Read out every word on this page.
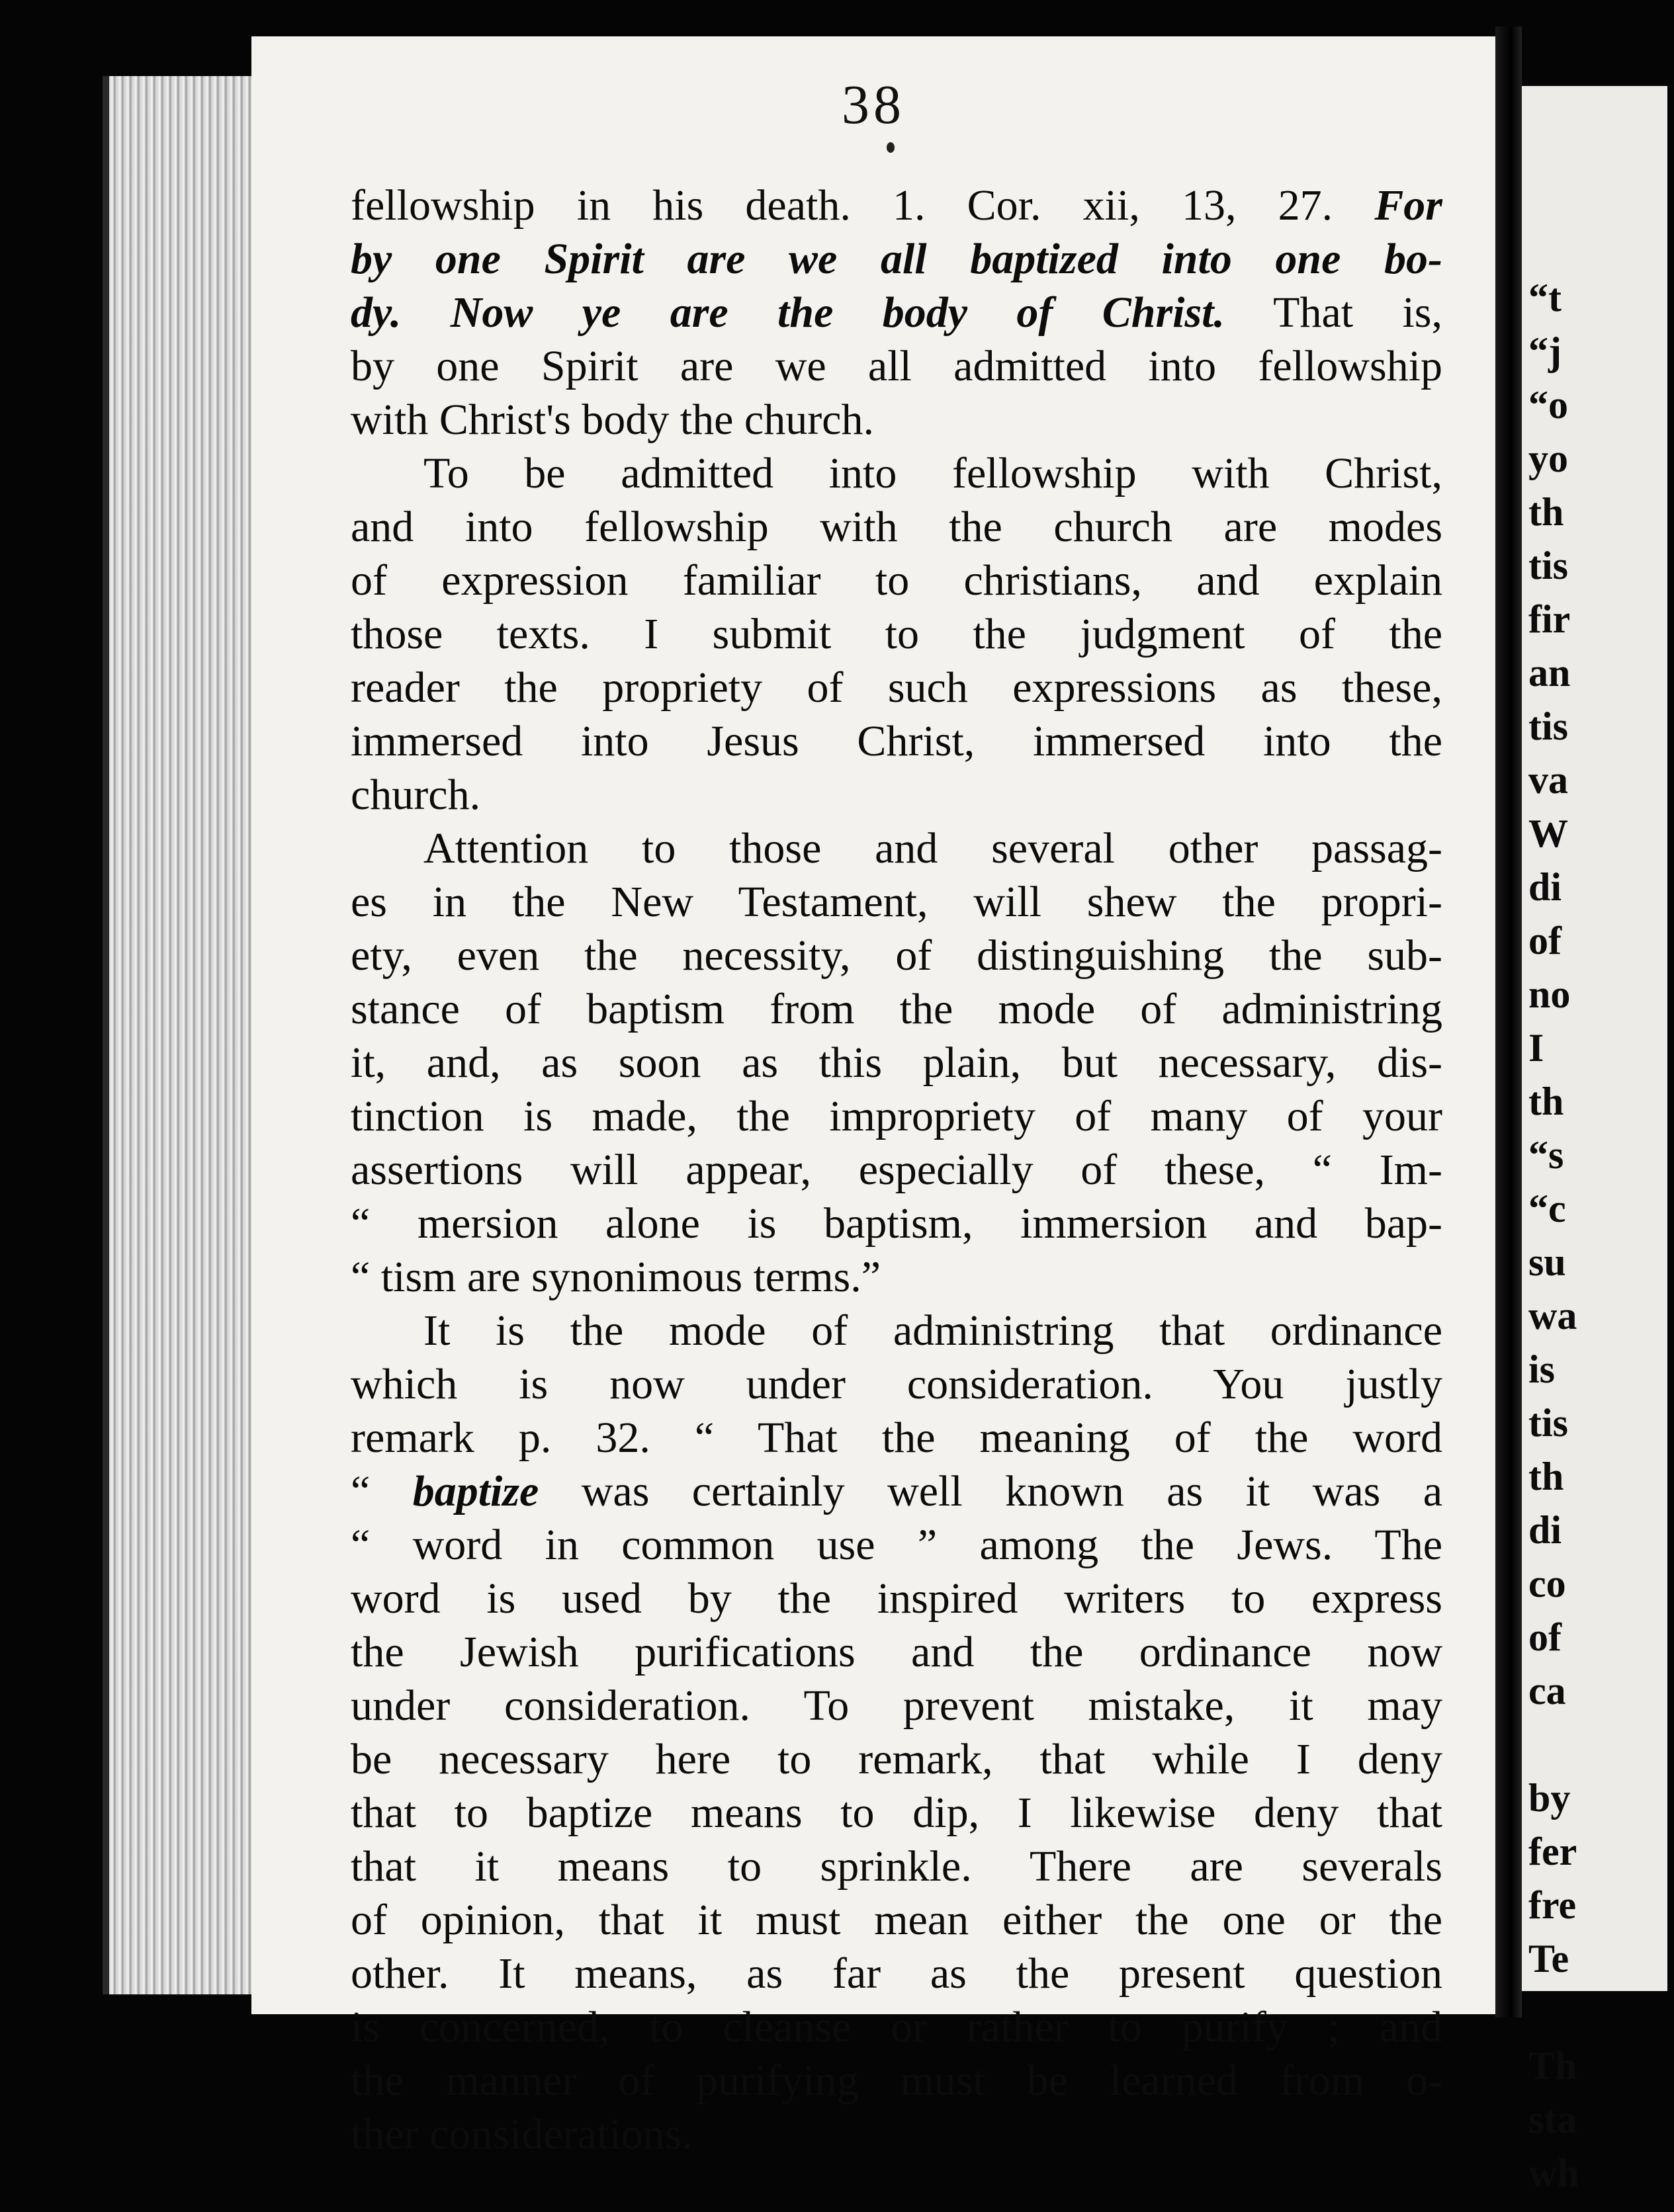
38
fellowship in his death. 1. Cor. xii, 13, 27. For
by one Spirit are we all baptized into one bo-
dy. Now ye are the body of Christ. That is,
by one Spirit are we all admitted into fellowship
with Christ's body the church.
To be admitted into fellowship with Christ,
and into fellowship with the church are modes
of expression familiar to christians, and explain
those texts. I submit to the judgment of the
reader the propriety of such expressions as these,
immersed into Jesus Christ, immersed into the
church.
Attention to those and several other passag-
es in the New Testament, will shew the propri-
ety, even the necessity, of distinguishing the sub-
stance of baptism from the mode of administring
it, and, as soon as this plain, but necessary, dis-
tinction is made, the impropriety of many of your
assertions will appear, especially of these, “ Im-
“ mersion alone is baptism, immersion and bap-
“ tism are synonimous terms.”
It is the mode of administring that ordinance
which is now under consideration. You justly
remark p. 32. “ That the meaning of the word
“ baptize was certainly well known as it was a
“ word in common use ” among the Jews. The
word is used by the inspired writers to express
the Jewish purifications and the ordinance now
under consideration. To prevent mistake, it may
be necessary here to remark, that while I deny
that to baptize means to dip, I likewise deny that
that it means to sprinkle. There are severals
of opinion, that it must mean either the one or the
other. It means, as far as the present question
is concerned, to cleanse or rather to purify ; and
the manner of purifying must be learned from o-
ther considerations.
“t
“j
“o
yo
th
tis
fir
an
tis
va
W
di
of
no
I
th
“s
“c
su
wa
is
tis
th
di
co
of
ca

by
fer
fre
Te

Th
sta
wh
